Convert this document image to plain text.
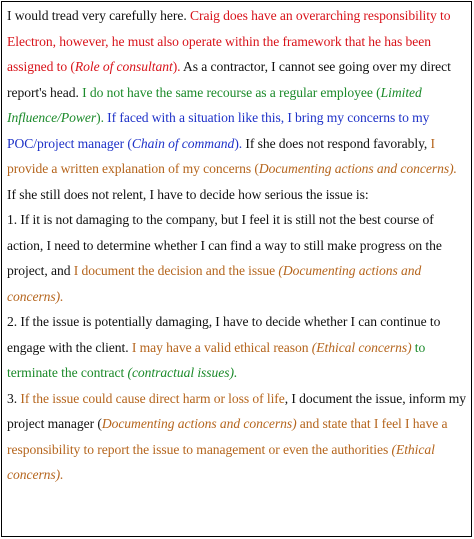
I would tread very carefully here. Craig does have an overarching responsibility to Electron, however, he must also operate within the framework that he has been assigned to (Role of consultant). As a contractor, I cannot see going over my direct report's head. I do not have the same recourse as a regular employee (Limited Influence/Power). If faced with a situation like this, I bring my concerns to my POC/project manager (Chain of command). If she does not respond favorably, I provide a written explanation of my concerns (Documenting actions and concerns). If she still does not relent, I have to decide how serious the issue is:

1. If it is not damaging to the company, but I feel it is still not the best course of action, I need to determine whether I can find a way to still make progress on the project, and I document the decision and the issue (Documenting actions and concerns).

2. If the issue is potentially damaging, I have to decide whether I can continue to engage with the client. I may have a valid ethical reason (Ethical concerns) to terminate the contract (contractual issues).

3. If the issue could cause direct harm or loss of life, I document the issue, inform my project manager (Documenting actions and concerns) and state that I feel I have a responsibility to report the issue to management or even the authorities (Ethical concerns).
